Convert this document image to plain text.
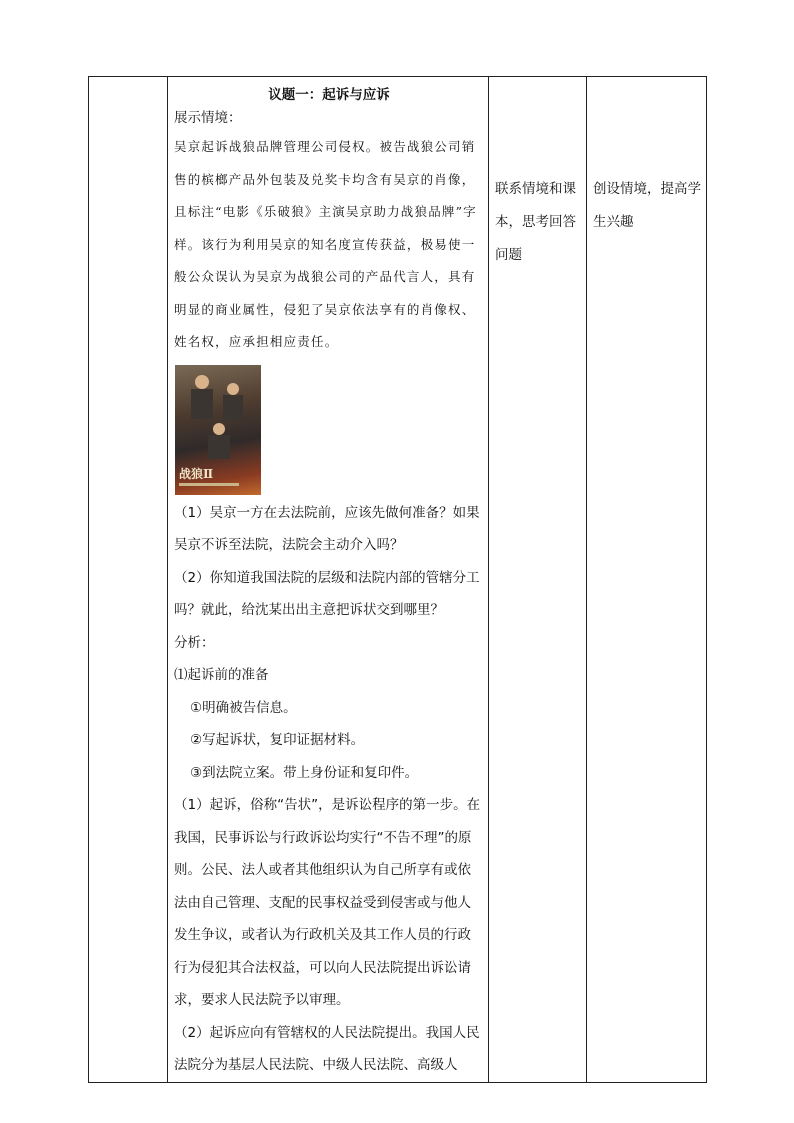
议题一：起诉与应诉

展示情境：

吴京起诉战狼品牌管理公司侵权。被告战狼公司销售的槟榔产品外包装及兑奖卡均含有吴京的肖像，且标注“电影《乐破狼》主演吴京助力战狼品牌”字样。该行为利用吴京的知名度宣传获益，极易使一般公众误认为吴京为战狼公司的产品代言人，具有明显的商业属性，侵犯了吴京依法享有的肖像权、姓名权，应承担相应责任。

战狼Ⅱ

（1）吴京一方在去法院前，应该先做何准备？如果吴京不诉至法院，法院会主动介入吗？

（2）你知道我国法院的层级和法院内部的管辖分工吗？就此，给沈某出出主意把诉状交到哪里？

分析：

⑴起诉前的准备

①明确被告信息。

②写起诉状，复印证据材料。

③到法院立案。带上身份证和复印件。

（1）起诉，俗称“告状”，是诉讼程序的第一步。在我国，民事诉讼与行政诉讼均实行“不告不理”的原则。公民、法人或者其他组织认为自己所享有或依法由自己管理、支配的民事权益受到侵害或与他人发生争议，或者认为行政机关及其工作人员的行政行为侵犯其合法权益，可以向人民法院提出诉讼请求，要求人民法院予以审理。

（2）起诉应向有管辖权的人民法院提出。我国人民法院分为基层人民法院、中级人民法院、高级人

联系情境和课本，思考回答问题

创设情境，提高学生兴趣
